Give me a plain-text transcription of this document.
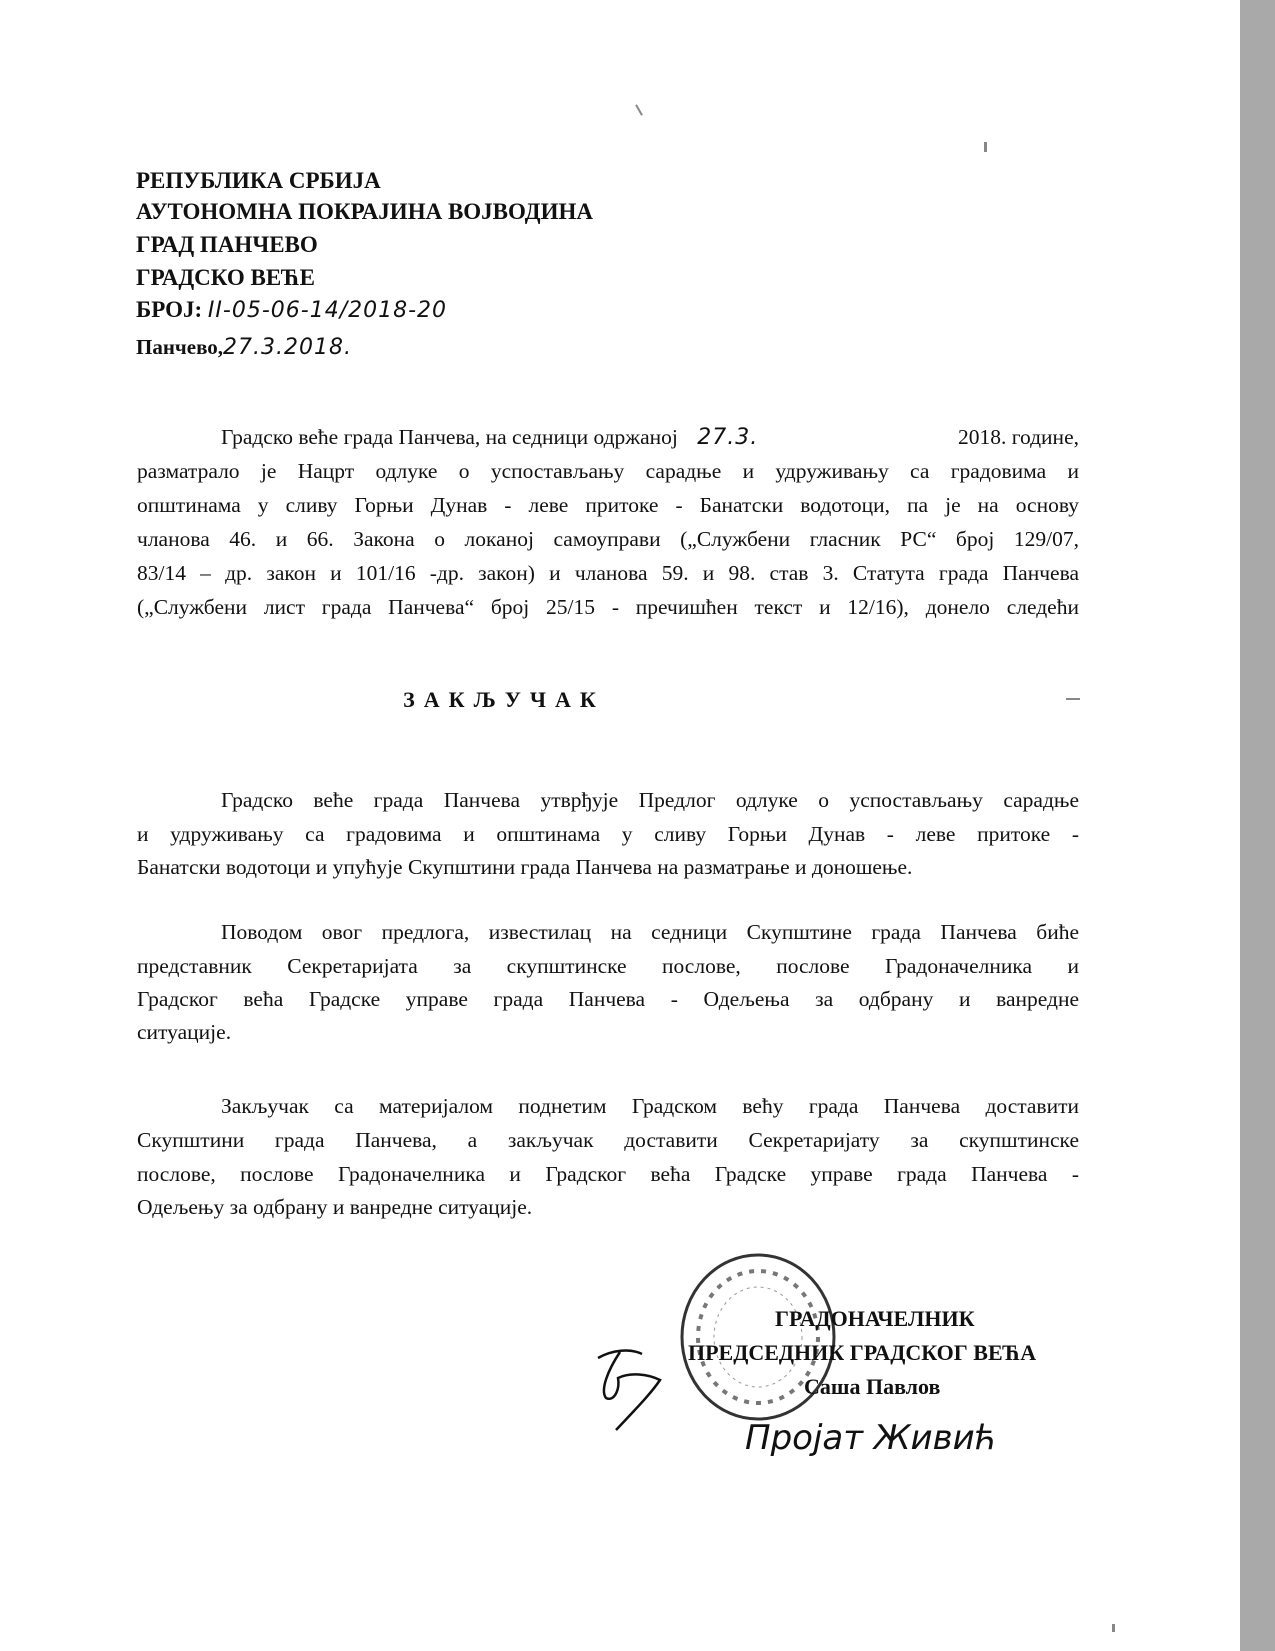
РЕПУБЛИКА СРБИЈА
АУТОНОМНА ПОКРАЈИНА ВОЈВОДИНА
ГРАД ПАНЧЕВО
ГРАДСКО ВЕЋЕ
БРОЈ: II-05-06-14/2018-20
Панчево,27.3.2018.
Градско веће града Панчева, на седници одржаној 27.3.	2018. године,
разматрало је Нацрт одлуке о успостављању сарадње и удруживању са градовима и
општинама у сливу Горњи Дунав - леве притоке - Банатски водотоци, па је на основу
чланова 46. и 66. Закона о локаној самоуправи („Службени гласник РС“ број 129/07,
83/14 – др. закон и 101/16 -др. закон) и чланова 59. и 98. став 3. Статута града Панчева
(„Службени лист града Панчева“ број 25/15 - пречишћен текст и 12/16), донело следећи
ЗАКЉУЧАК
Градско веће града Панчева утврђује Предлог одлуке о успостављању сарадње
и удруживању са градовима и општинама у сливу Горњи Дунав - леве притоке -
Банатски водотоци и упућује Скупштини града Панчева на разматрање и доношење.
Поводом овог предлога, известилац на седници Скупштине града Панчева биће
представник Секретаријата за скупштинске послове, послове Градоначелника и
Градског већа Градске управе града Панчева - Одељења за одбрану и ванредне
ситуације.
Закључак са материјалом поднетим Градском већу града Панчева доставити
Скупштини града Панчева, а закључак доставити Секретаријату за скупштинске
послове, послове Градоначелника и Градског већа Градске управе града Панчева -
Одељењу за одбрану и ванредне ситуације.
ГРАДОНАЧЕЛНИК
ПРЕДСЕДНИК ГРАДСКОГ ВЕЋА
Саша Павлов
Пројат Живић
